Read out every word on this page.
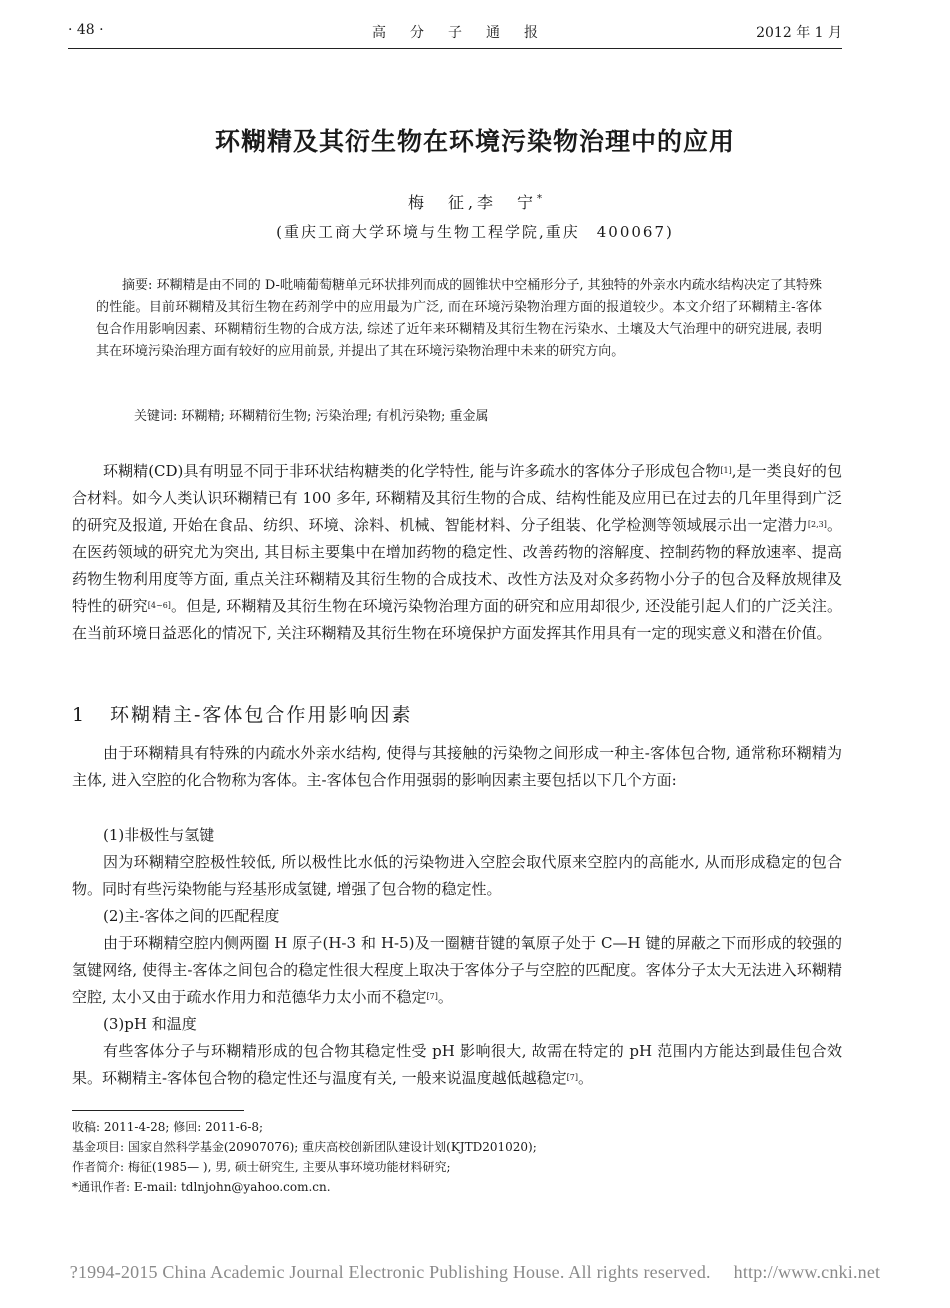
· 48 ·	高分子通报	2012 年 1 月
环糊精及其衍生物在环境污染物治理中的应用
梅　征,李　宁*
(重庆工商大学环境与生物工程学院,重庆　400067)
摘要: 环糊精是由不同的 D-吡喃葡萄糖单元环状排列而成的圆锥状中空桶形分子, 其独特的外亲水内疏水结构决定了其特殊的性能。目前环糊精及其衍生物在药剂学中的应用最为广泛, 而在环境污染物治理方面的报道较少。本文介绍了环糊精主-客体包合作用影响因素、环糊精衍生物的合成方法, 综述了近年来环糊精及其衍生物在污染水、土壤及大气治理中的研究进展, 表明其在环境污染治理方面有较好的应用前景, 并提出了其在环境污染物治理中未来的研究方向。
关键词: 环糊精; 环糊精衍生物; 污染治理; 有机污染物; 重金属
环糊精(CD)具有明显不同于非环状结构糖类的化学特性, 能与许多疏水的客体分子形成包合物[1],是一类良好的包合材料。如今人类认识环糊精已有 100 多年, 环糊精及其衍生物的合成、结构性能及应用已在过去的几年里得到广泛的研究及报道, 开始在食品、纺织、环境、涂料、机械、智能材料、分子组装、化学检测等领域展示出一定潜力[2,3]。在医药领域的研究尤为突出, 其目标主要集中在增加药物的稳定性、改善药物的溶解度、控制药物的释放速率、提高药物生物利用度等方面, 重点关注环糊精及其衍生物的合成技术、改性方法及对众多药物小分子的包合及释放规律及特性的研究[4~6]。但是, 环糊精及其衍生物在环境污染物治理方面的研究和应用却很少, 还没能引起人们的广泛关注。在当前环境日益恶化的情况下, 关注环糊精及其衍生物在环境保护方面发挥其作用具有一定的现实意义和潜在价值。
1 环糊精主-客体包合作用影响因素
由于环糊精具有特殊的内疏水外亲水结构, 使得与其接触的污染物之间形成一种主-客体包合物, 通常称环糊精为主体, 进入空腔的化合物称为客体。主-客体包合作用强弱的影响因素主要包括以下几个方面:
(1)非极性与氢键
因为环糊精空腔极性较低, 所以极性比水低的污染物进入空腔会取代原来空腔内的高能水, 从而形成稳定的包合物。同时有些污染物能与羟基形成氢键, 增强了包合物的稳定性。
(2)主-客体之间的匹配程度
由于环糊精空腔内侧两圈 H 原子(H-3 和 H-5)及一圈糖苷键的氧原子处于 C—H 键的屏蔽之下而形成的较强的氢键网络, 使得主-客体之间包合的稳定性很大程度上取决于客体分子与空腔的匹配度。客体分子太大无法进入环糊精空腔, 太小又由于疏水作用力和范德华力太小而不稳定[7]。
(3)pH 和温度
有些客体分子与环糊精形成的包合物其稳定性受 pH 影响很大, 故需在特定的 pH 范围内方能达到最佳包合效果。环糊精主-客体包合物的稳定性还与温度有关, 一般来说温度越低越稳定[7]。
收稿: 2011-4-28; 修回: 2011-6-8;
基金项目: 国家自然科学基金(20907076); 重庆高校创新团队建设计划(KJTD201020);
作者简介: 梅征(1985— ), 男, 硕士研究生, 主要从事环境功能材料研究;
*通讯作者: E-mail: tdlnjohn@yahoo.com.cn.
?1994-2015 China Academic Journal Electronic Publishing House. All rights reserved.　 http://www.cnki.net
